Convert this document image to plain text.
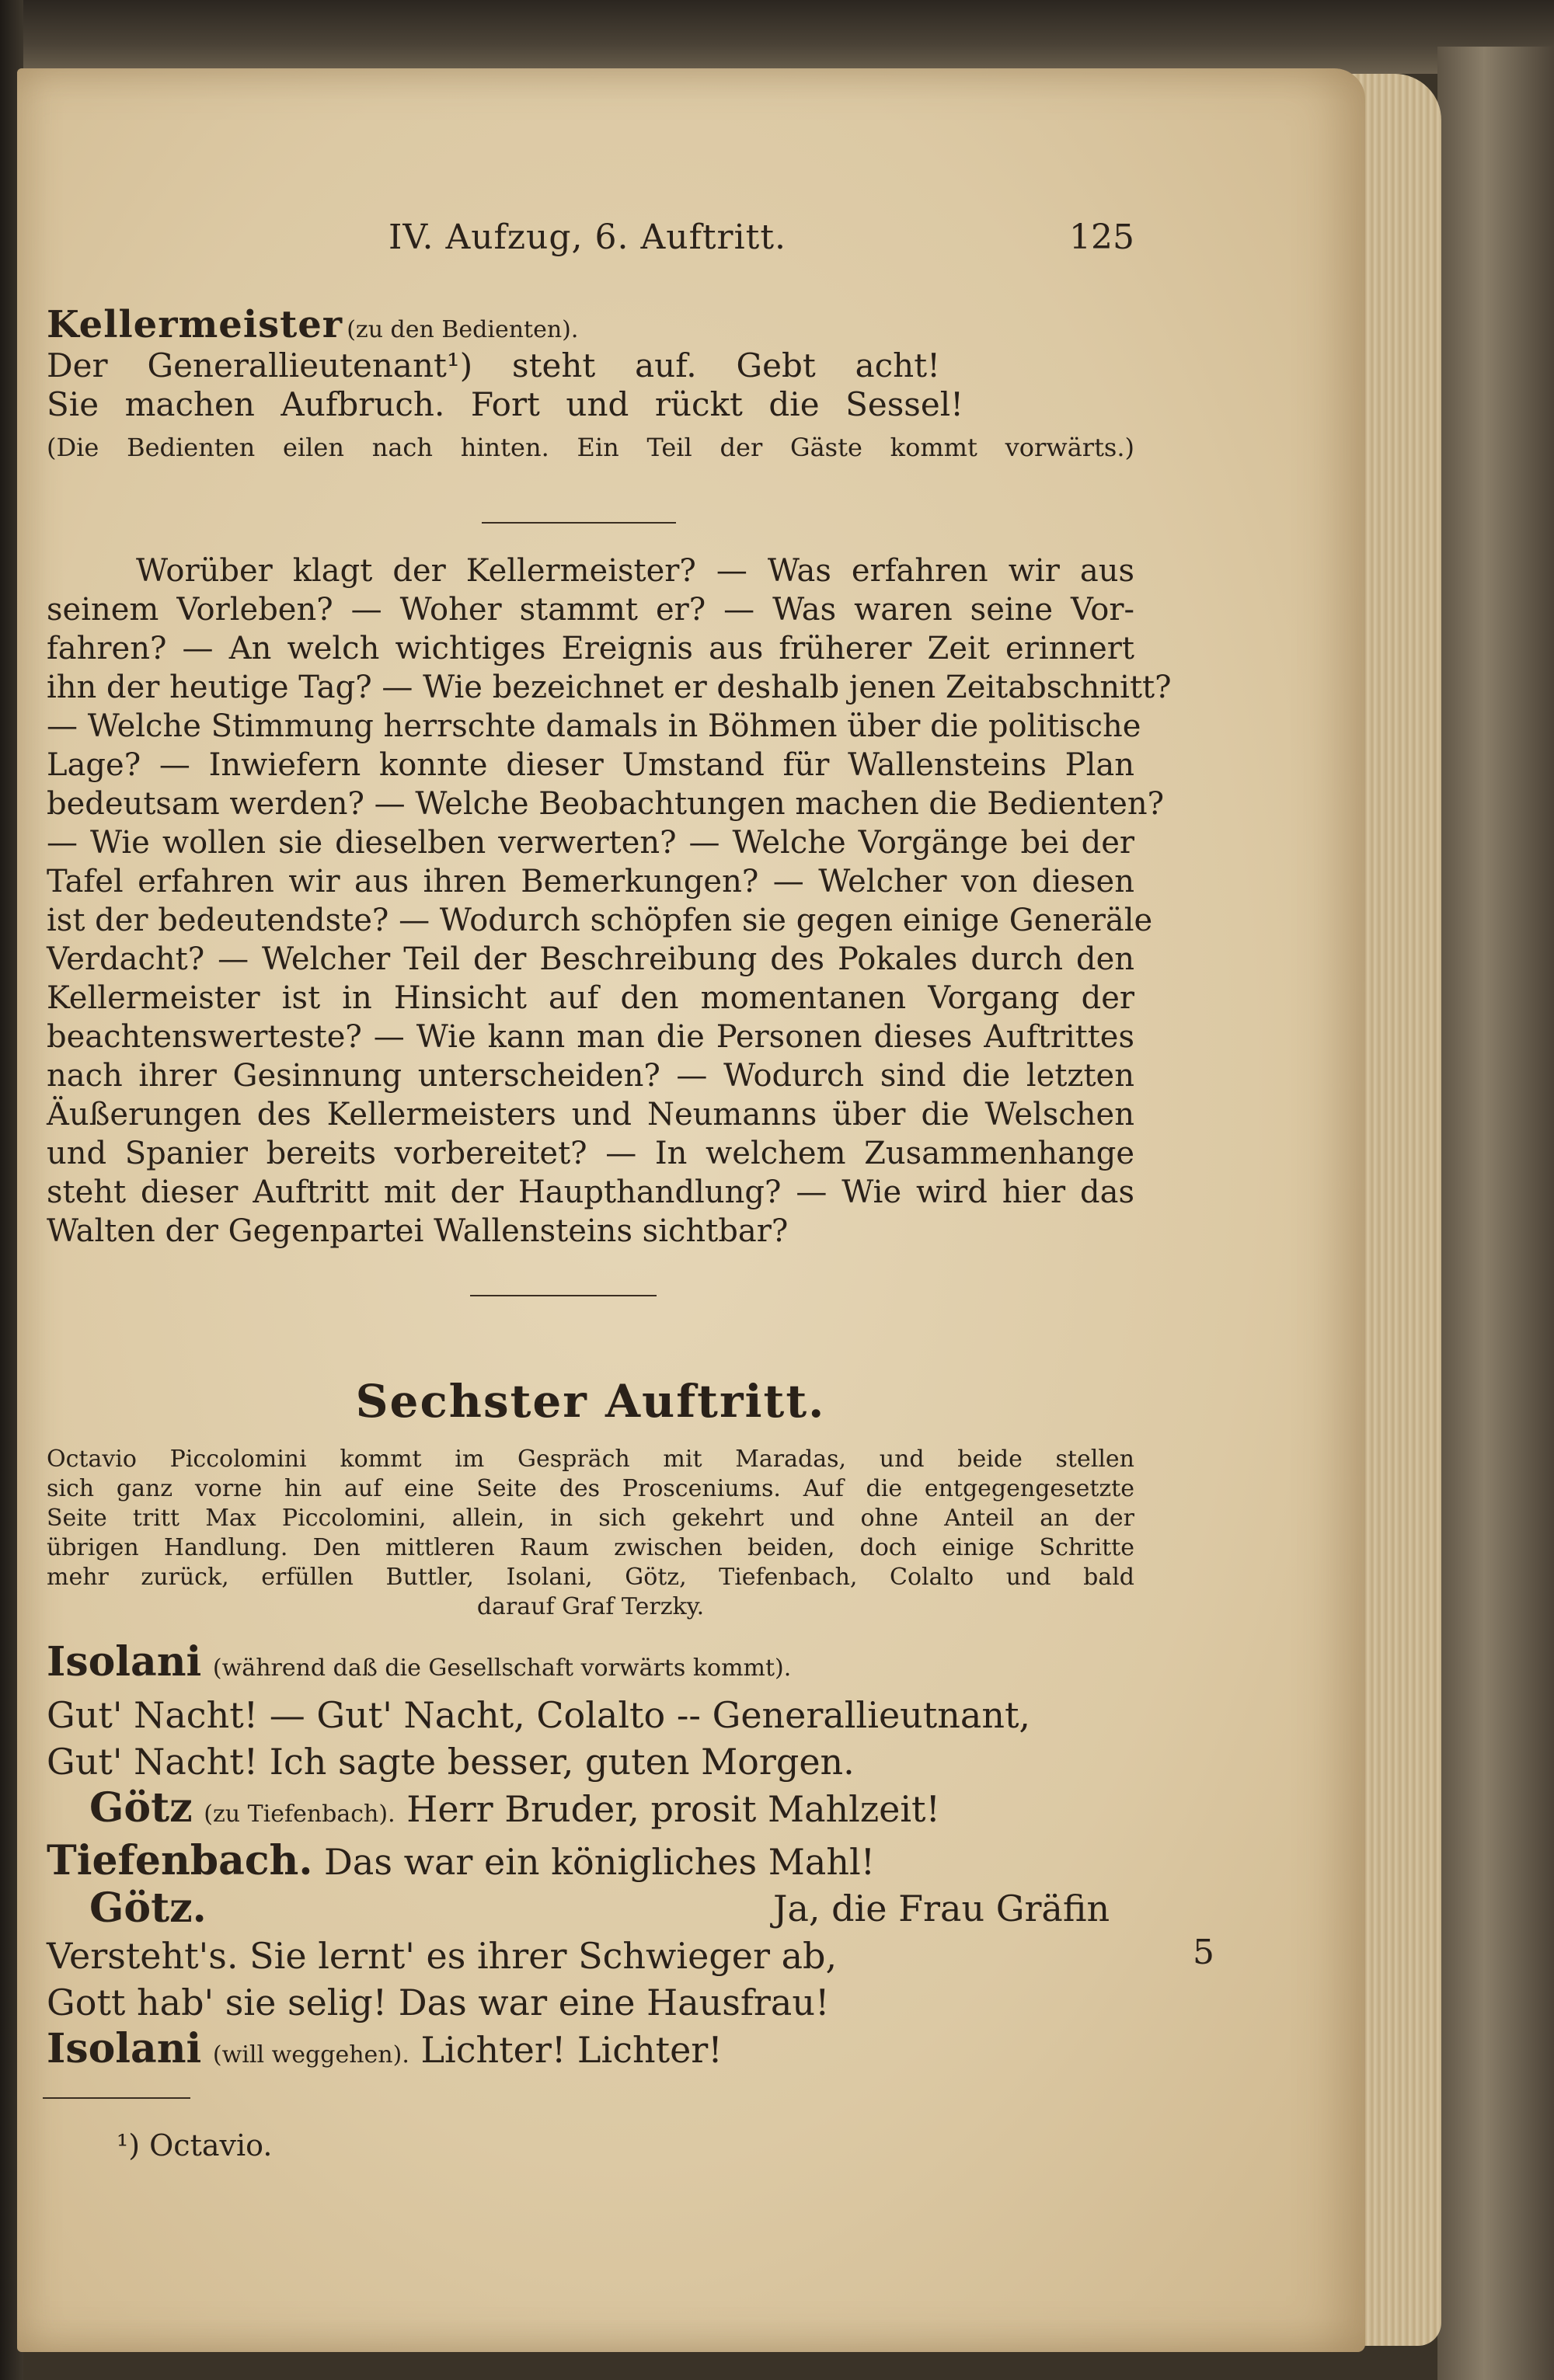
IV. Aufzug, 6. Auftritt.	125
Kellermeister (zu den Bedienten).
Der Generallieutenant¹) steht auf. Gebt acht!
Sie machen Aufbruch. Fort und rückt die Sessel!
(Die Bedienten eilen nach hinten. Ein Teil der Gäste kommt vorwärts.)
Worüber klagt der Kellermeister? — Was erfahren wir aus
seinem Vorleben? — Woher stammt er? — Was waren seine Vor-
fahren? — An welch wichtiges Ereignis aus früherer Zeit erinnert
ihn der heutige Tag? — Wie bezeichnet er deshalb jenen Zeitabschnitt?
— Welche Stimmung herrschte damals in Böhmen über die politische
Lage? — Inwiefern konnte dieser Umstand für Wallensteins Plan
bedeutsam werden? — Welche Beobachtungen machen die Bedienten?
— Wie wollen sie dieselben verwerten? — Welche Vorgänge bei der
Tafel erfahren wir aus ihren Bemerkungen? — Welcher von diesen
ist der bedeutendste? — Wodurch schöpfen sie gegen einige Generäle
Verdacht? — Welcher Teil der Beschreibung des Pokales durch den
Kellermeister ist in Hinsicht auf den momentanen Vorgang der
beachtenswerteste? — Wie kann man die Personen dieses Auftrittes
nach ihrer Gesinnung unterscheiden? — Wodurch sind die letzten
Äußerungen des Kellermeisters und Neumanns über die Welschen
und Spanier bereits vorbereitet? — In welchem Zusammenhange
steht dieser Auftritt mit der Haupthandlung? — Wie wird hier das
Walten der Gegenpartei Wallensteins sichtbar?
Sechster Auftritt.
Octavio Piccolomini kommt im Gespräch mit Maradas, und beide stellen
sich ganz vorne hin auf eine Seite des Prosceniums. Auf die entgegengesetzte
Seite tritt Max Piccolomini, allein, in sich gekehrt und ohne Anteil an der
übrigen Handlung. Den mittleren Raum zwischen beiden, doch einige Schritte
mehr zurück, erfüllen Buttler, Isolani, Götz, Tiefenbach, Colalto und bald
darauf Graf Terzky.
Isolani (während daß die Gesellschaft vorwärts kommt).
Gut' Nacht! — Gut' Nacht, Colalto -- Generallieutnant,
Gut' Nacht! Ich sagte besser, guten Morgen.
Götz (zu Tiefenbach). Herr Bruder, prosit Mahlzeit!
Tiefenbach. Das war ein königliches Mahl!
Götz.	Ja, die Frau Gräfin
Versteht's. Sie lernt' es ihrer Schwieger ab,
Gott hab' sie selig! Das war eine Hausfrau!
Isolani (will weggehen). Lichter! Lichter!
5
¹) Octavio.
